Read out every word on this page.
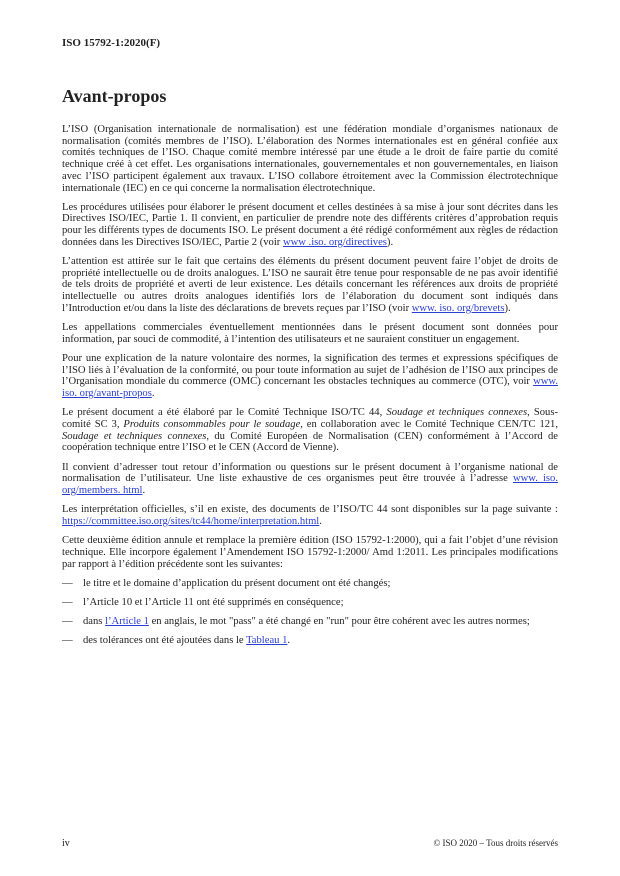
ISO 15792-1:2020(F)
Avant-propos

L’ISO (Organisation internationale de normalisation) est une fédération mondiale d’organismes nationaux de normalisation (comités membres de l’ISO). L’élaboration des Normes internationales est en général confiée aux comités techniques de l’ISO. Chaque comité membre intéressé par une étude a le droit de faire partie du comité technique créé à cet effet. Les organisations internationales, gouvernementales et non gouvernementales, en liaison avec l’ISO participent également aux travaux. L’ISO collabore étroitement avec la Commission électrotechnique internationale (IEC) en ce qui concerne la normalisation électrotechnique.

Les procédures utilisées pour élaborer le présent document et celles destinées à sa mise à jour sont décrites dans les Directives ISO/IEC, Partie 1. Il convient, en particulier de prendre note des différents critères d’approbation requis pour les différents types de documents ISO. Le présent document a été rédigé conformément aux règles de rédaction données dans les Directives ISO/IEC, Partie 2 (voir www .iso. org/directives).

L’attention est attirée sur le fait que certains des éléments du présent document peuvent faire l’objet de droits de propriété intellectuelle ou de droits analogues. L’ISO ne saurait être tenue pour responsable de ne pas avoir identifié de tels droits de propriété et averti de leur existence. Les détails concernant les références aux droits de propriété intellectuelle ou autres droits analogues identifiés lors de l’élaboration du document sont indiqués dans l’Introduction et/ou dans la liste des déclarations de brevets reçues par l’ISO (voir www. iso. org/brevets).

Les appellations commerciales éventuellement mentionnées dans le présent document sont données pour information, par souci de commodité, à l’intention des utilisateurs et ne sauraient constituer un engagement.

Pour une explication de la nature volontaire des normes, la signification des termes et expressions spécifiques de l’ISO liés à l’évaluation de la conformité, ou pour toute information au sujet de l’adhésion de l’ISO aux principes de l’Organisation mondiale du commerce (OMC) concernant les obstacles techniques au commerce (OTC), voir www. iso. org/avant-propos.

Le présent document a été élaboré par le Comité Technique ISO/TC 44, Soudage et techniques connexes, Sous-comité SC 3, Produits consommables pour le soudage, en collaboration avec le Comité Technique CEN/TC 121, Soudage et techniques connexes, du Comité Européen de Normalisation (CEN) conformément à l’Accord de coopération technique entre l’ISO et le CEN (Accord de Vienne).

Il convient d’adresser tout retour d’information ou questions sur le présent document à l’organisme national de normalisation de l’utilisateur. Une liste exhaustive de ces organismes peut être trouvée à l’adresse www. iso. org/members. html.

Les interprétation officielles, s’il en existe, des documents de l’ISO/TC 44 sont disponibles sur la page suivante : https://committee.iso.org/sites/tc44/home/interpretation.html.

Cette deuxième édition annule et remplace la première édition (ISO 15792-1:2000), qui a fait l’objet d’une révision technique. Elle incorpore également l’Amendement ISO 15792-1:2000/ Amd 1:2011. Les principales modifications par rapport à l’édition précédente sont les suivantes:

— le titre et le domaine d’application du présent document ont été changés;
— l’Article 10 et l’Article 11 ont été supprimés en conséquence;
— dans l’Article 1 en anglais, le mot "pass" a été changé en "run" pour être cohérent avec les autres normes;
— des tolérances ont été ajoutées dans le Tableau 1.
iv	© ISO 2020 – Tous droits réservés
